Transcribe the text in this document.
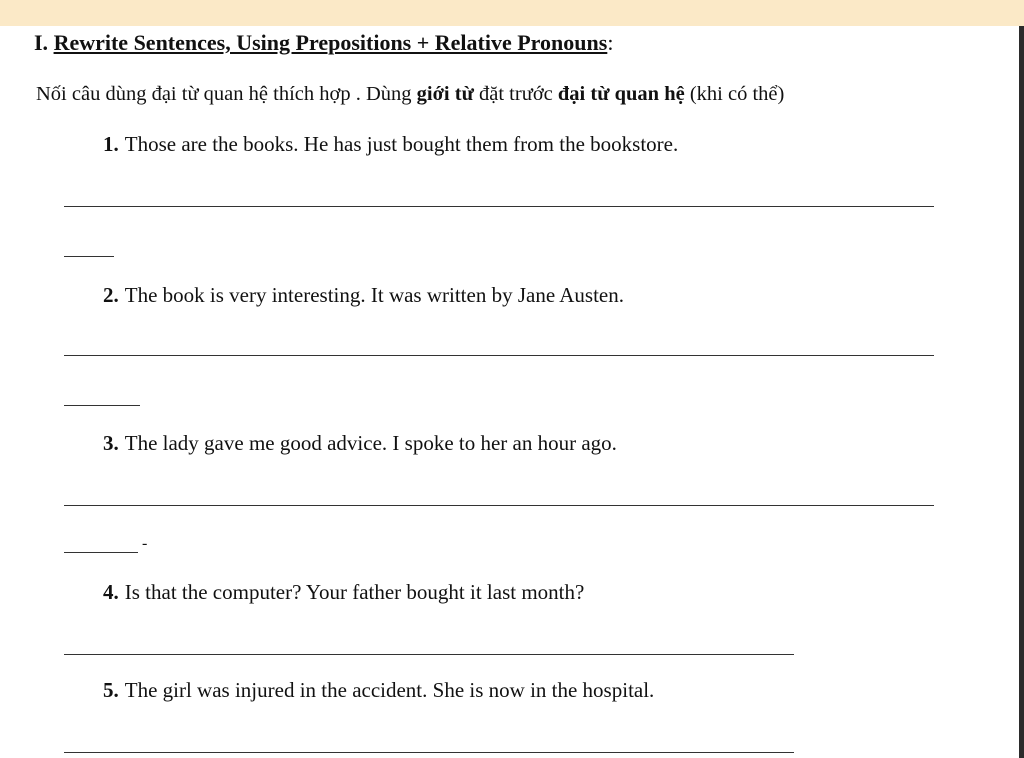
I. Rewrite Sentences, Using Prepositions + Relative Pronouns:
Nối câu dùng đại từ quan hệ thích hợp . Dùng giới từ đặt trước đại từ quan hệ (khi có thể)
1. Those are the books. He has just bought them from the bookstore.
2. The book is very interesting. It was written by Jane Austen.
3. The lady gave me good advice. I spoke to her an hour ago.
-
4. Is that the computer? Your father bought it last month?
5. The girl was injured in the accident. She is now in the hospital.
